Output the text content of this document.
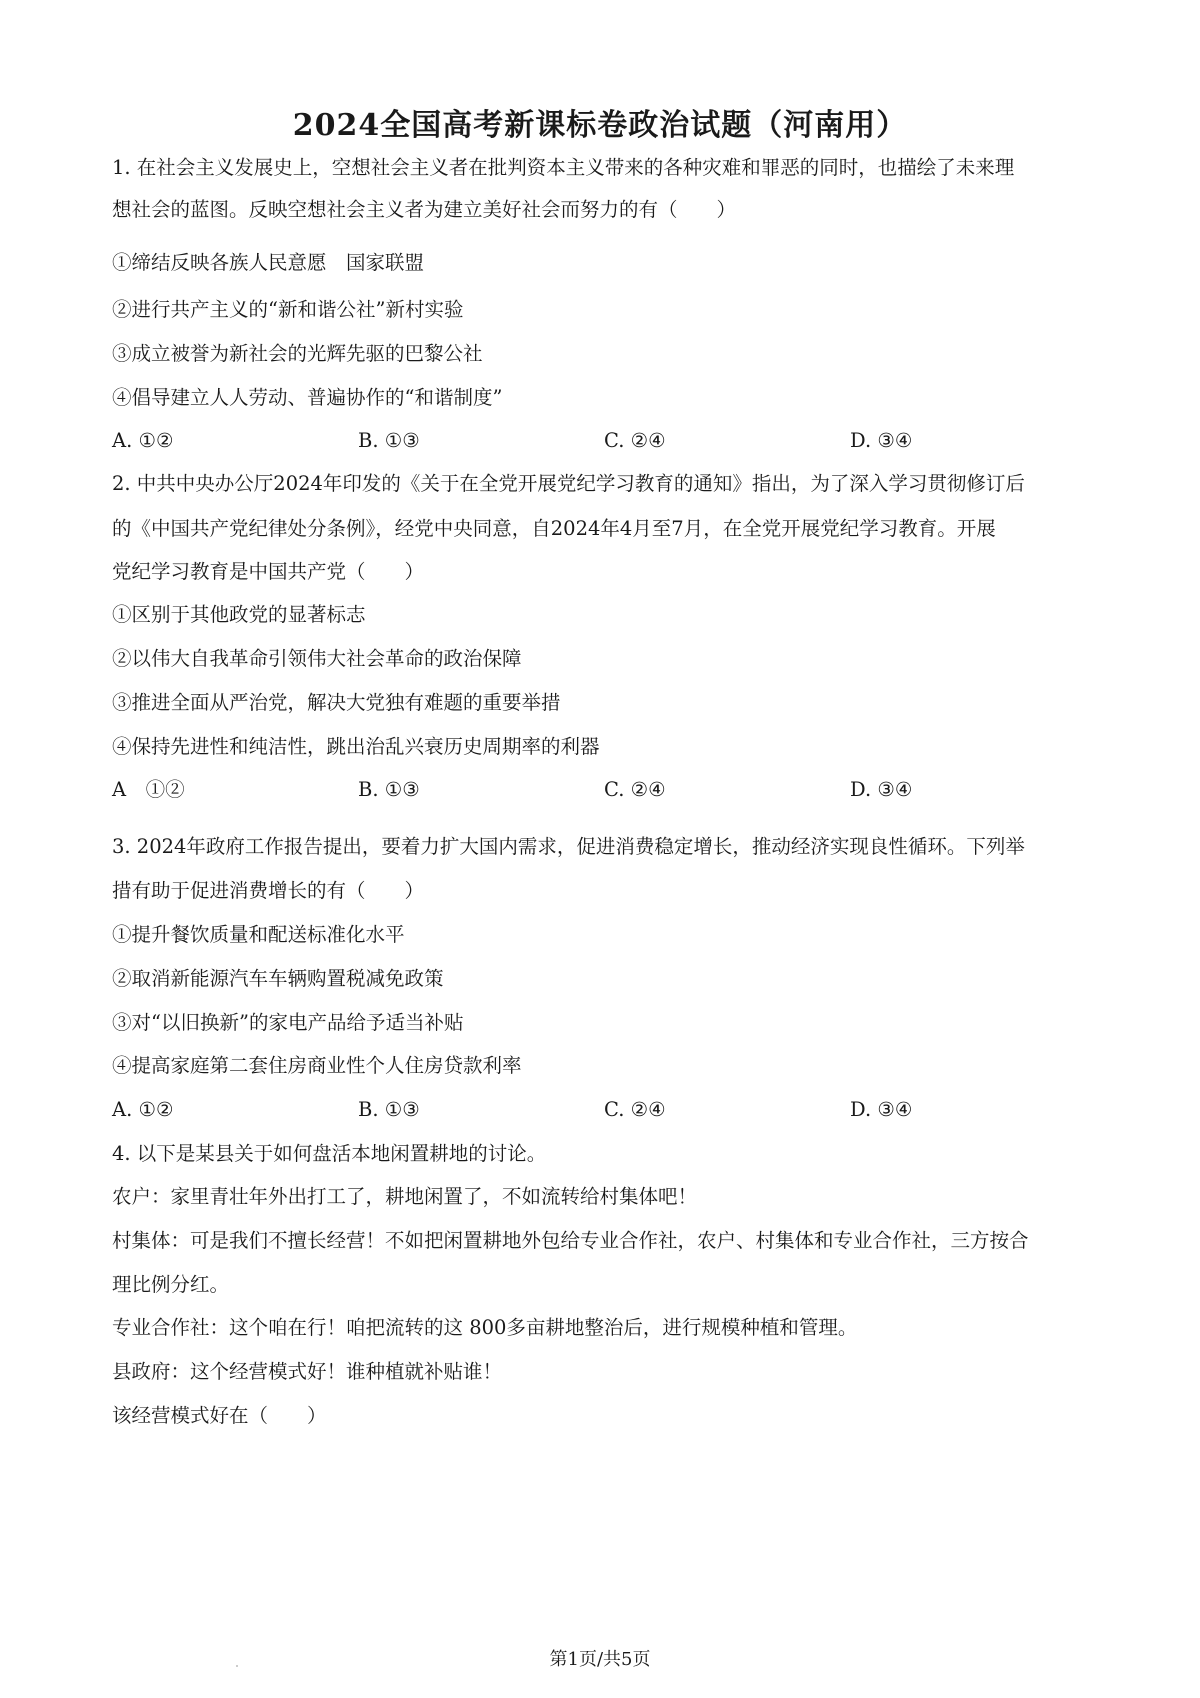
2024全国高考新课标卷政治试题（河南用）
1. 在社会主义发展史上，空想社会主义者在批判资本主义带来的各种灾难和罪恶的同时，也描绘了未来理
想社会的蓝图。反映空想社会主义者为建立美好社会而努力的有（　　）
①缔结反映各族人民意愿　国家联盟
②进行共产主义的“新和谐公社”新村实验
③成立被誉为新社会的光辉先驱的巴黎公社
④倡导建立人人劳动、普遍协作的“和谐制度”
A. ①②	B. ①③	C. ②④	D. ③④
2. 中共中央办公厅2024年印发的《关于在全党开展党纪学习教育的通知》指出，为了深入学习贯彻修订后
的《中国共产党纪律处分条例》，经党中央同意，自2024年4月至7月，在全党开展党纪学习教育。开展
党纪学习教育是中国共产党（　　）
①区别于其他政党的显著标志
②以伟大自我革命引领伟大社会革命的政治保障
③推进全面从严治党，解决大党独有难题的重要举措
④保持先进性和纯洁性，跳出治乱兴衰历史周期率的利器
A　①②	B. ①③	C. ②④	D. ③④
3. 2024年政府工作报告提出，要着力扩大国内需求，促进消费稳定增长，推动经济实现良性循环。下列举
措有助于促进消费增长的有（　　）
①提升餐饮质量和配送标准化水平
②取消新能源汽车车辆购置税减免政策
③对“以旧换新”的家电产品给予适当补贴
④提高家庭第二套住房商业性个人住房贷款利率
A. ①②	B. ①③	C. ②④	D. ③④
4. 以下是某县关于如何盘活本地闲置耕地的讨论。
农户：家里青壮年外出打工了，耕地闲置了，不如流转给村集体吧！
村集体：可是我们不擅长经营！不如把闲置耕地外包给专业合作社，农户、村集体和专业合作社，三方按合
理比例分红。
专业合作社：这个咱在行！咱把流转的这 800多亩耕地整治后，进行规模种植和管理。
县政府：这个经营模式好！谁种植就补贴谁！
该经营模式好在（　　）
第1页/共5页
